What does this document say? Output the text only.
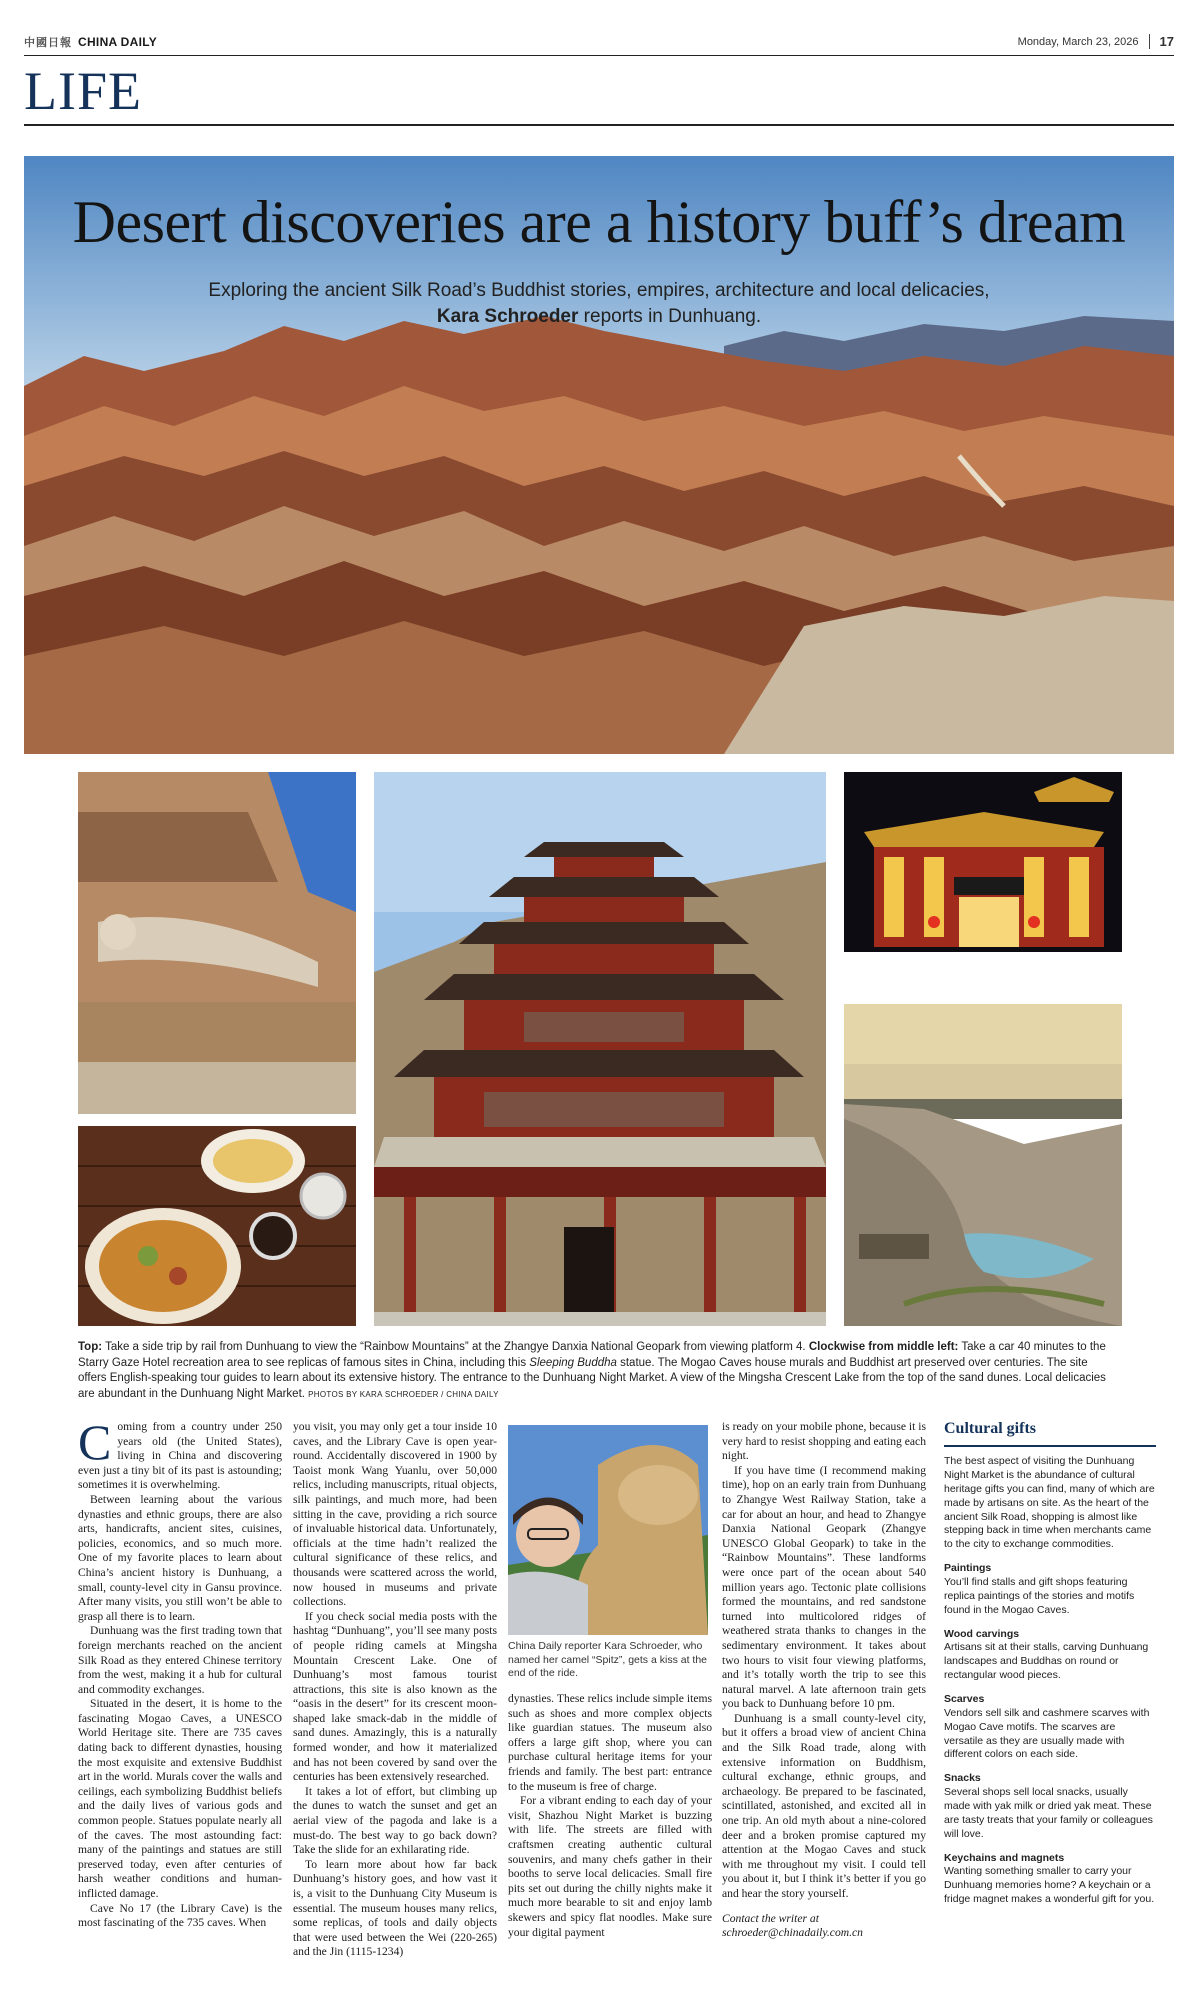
中國日報 CHINA DAILY	Monday, March 23, 2026	17
LIFE
Desert discoveries are a history buff’s dream
Exploring the ancient Silk Road’s Buddhist stories, empires, architecture and local delicacies, Kara Schroeder reports in Dunhuang.
Top: Take a side trip by rail from Dunhuang to view the “Rainbow Mountains” at the Zhangye Danxia National Geopark from viewing platform 4. Clockwise from middle left: Take a car 40 minutes to the Starry Gaze Hotel recreation area to see replicas of famous sites in China, including this Sleeping Buddha statue. The Mogao Caves house murals and Buddhist art preserved over centuries. The site offers English-speaking tour guides to learn about its extensive history. The entrance to the Dunhuang Night Market. A view of the Mingsha Crescent Lake from the top of the sand dunes. Local delicacies are abundant in the Dunhuang Night Market. PHOTOS BY KARA SCHROEDER / CHINA DAILY

Coming from a country under 250 years old (the United States), living in China and discovering even just a tiny bit of its past is astounding; sometimes it is overwhelming.

Between learning about the various dynasties and ethnic groups, there are also arts, handicrafts, ancient sites, cuisines, policies, economics, and so much more. One of my favorite places to learn about China’s ancient history is Dunhuang, a small, county-level city in Gansu province. After many visits, you still won’t be able to grasp all there is to learn.

Dunhuang was the first trading town that foreign merchants reached on the ancient Silk Road as they entered Chinese territory from the west, making it a hub for cultural and commodity exchanges.

Situated in the desert, it is home to the fascinating Mogao Caves, a UNESCO World Heritage site. There are 735 caves dating back to different dynasties, housing the most exquisite and extensive Buddhist art in the world. Murals cover the walls and ceilings, each symbolizing Buddhist beliefs and the daily lives of various gods and common people. Statues populate nearly all of the caves. The most astounding fact: many of the paintings and statues are still preserved today, even after centuries of harsh weather conditions and human-inflicted damage.

Cave No 17 (the Library Cave) is the most fascinating of the 735 caves. When

you visit, you may only get a tour inside 10 caves, and the Library Cave is open year-round. Accidentally discovered in 1900 by Taoist monk Wang Yuanlu, over 50,000 relics, including manuscripts, ritual objects, silk paintings, and much more, had been sitting in the cave, providing a rich source of invaluable historical data. Unfortunately, officials at the time hadn’t realized the cultural significance of these relics, and thousands were scattered across the world, now housed in museums and private collections.

If you check social media posts with the hashtag “Dunhuang”, you’ll see many posts of people riding camels at Mingsha Mountain Crescent Lake. One of Dunhuang’s most famous tourist attractions, this site is also known as the “oasis in the desert” for its crescent moon-shaped lake smack-dab in the middle of sand dunes. Amazingly, this is a naturally formed wonder, and how it materialized and has not been covered by sand over the centuries has been extensively researched.

It takes a lot of effort, but climbing up the dunes to watch the sunset and get an aerial view of the pagoda and lake is a must-do. The best way to go back down? Take the slide for an exhilarating ride.

To learn more about how far back Dunhuang’s history goes, and how vast it is, a visit to the Dunhuang City Museum is essential. The museum houses many relics, some replicas, of tools and daily objects that were used between the Wei (220-265) and the Jin (1115-1234)

China Daily reporter Kara Schroeder, who named her camel “Spitz”, gets a kiss at the end of the ride.

dynasties. These relics include simple items such as shoes and more complex objects like guardian statues. The museum also offers a large gift shop, where you can purchase cultural heritage items for your friends and family. The best part: entrance to the museum is free of charge.

For a vibrant ending to each day of your visit, Shazhou Night Market is buzzing with life. The streets are filled with craftsmen creating authentic cultural souvenirs, and many chefs gather in their booths to serve local delicacies. Small fire pits set out during the chilly nights make it much more bearable to sit and enjoy lamb skewers and spicy flat noodles. Make sure your digital payment

is ready on your mobile phone, because it is very hard to resist shopping and eating each night.

If you have time (I recommend making time), hop on an early train from Dunhuang to Zhangye West Railway Station, take a car for about an hour, and head to Zhangye Danxia National Geopark (Zhangye UNESCO Global Geopark) to take in the “Rainbow Mountains”. These landforms were once part of the ocean about 540 million years ago. Tectonic plate collisions formed the mountains, and red sandstone turned into multicolored ridges of weathered strata thanks to changes in the sedimentary environment. It takes about two hours to visit four viewing platforms, and it’s totally worth the trip to see this natural marvel. A late afternoon train gets you back to Dunhuang before 10 pm.

Dunhuang is a small county-level city, but it offers a broad view of ancient China and the Silk Road trade, along with extensive information on Buddhism, cultural exchange, ethnic groups, and archaeology. Be prepared to be fascinated, scintillated, astonished, and excited all in one trip. An old myth about a nine-colored deer and a broken promise captured my attention at the Mogao Caves and stuck with me throughout my visit. I could tell you about it, but I think it’s better if you go and hear the story yourself.

Contact the writer at

schroeder@chinadaily.com.cn

Cultural gifts

The best aspect of visiting the Dunhuang Night Market is the abundance of cultural heritage gifts you can find, many of which are made by artisans on site. As the heart of the ancient Silk Road, shopping is almost like stepping back in time when merchants came to the city to exchange commodities.

Paintings

You’ll find stalls and gift shops featuring replica paintings of the stories and motifs found in the Mogao Caves.

Wood carvings

Artisans sit at their stalls, carving Dunhuang landscapes and Buddhas on round or rectangular wood pieces.

Scarves

Vendors sell silk and cashmere scarves with Mogao Cave motifs. The scarves are versatile as they are usually made with different colors on each side.

Snacks

Several shops sell local snacks, usually made with yak milk or dried yak meat. These are tasty treats that your family or colleagues will love.

Keychains and magnets

Wanting something smaller to carry your Dunhuang memories home? A keychain or a fridge magnet makes a wonderful gift for you.
